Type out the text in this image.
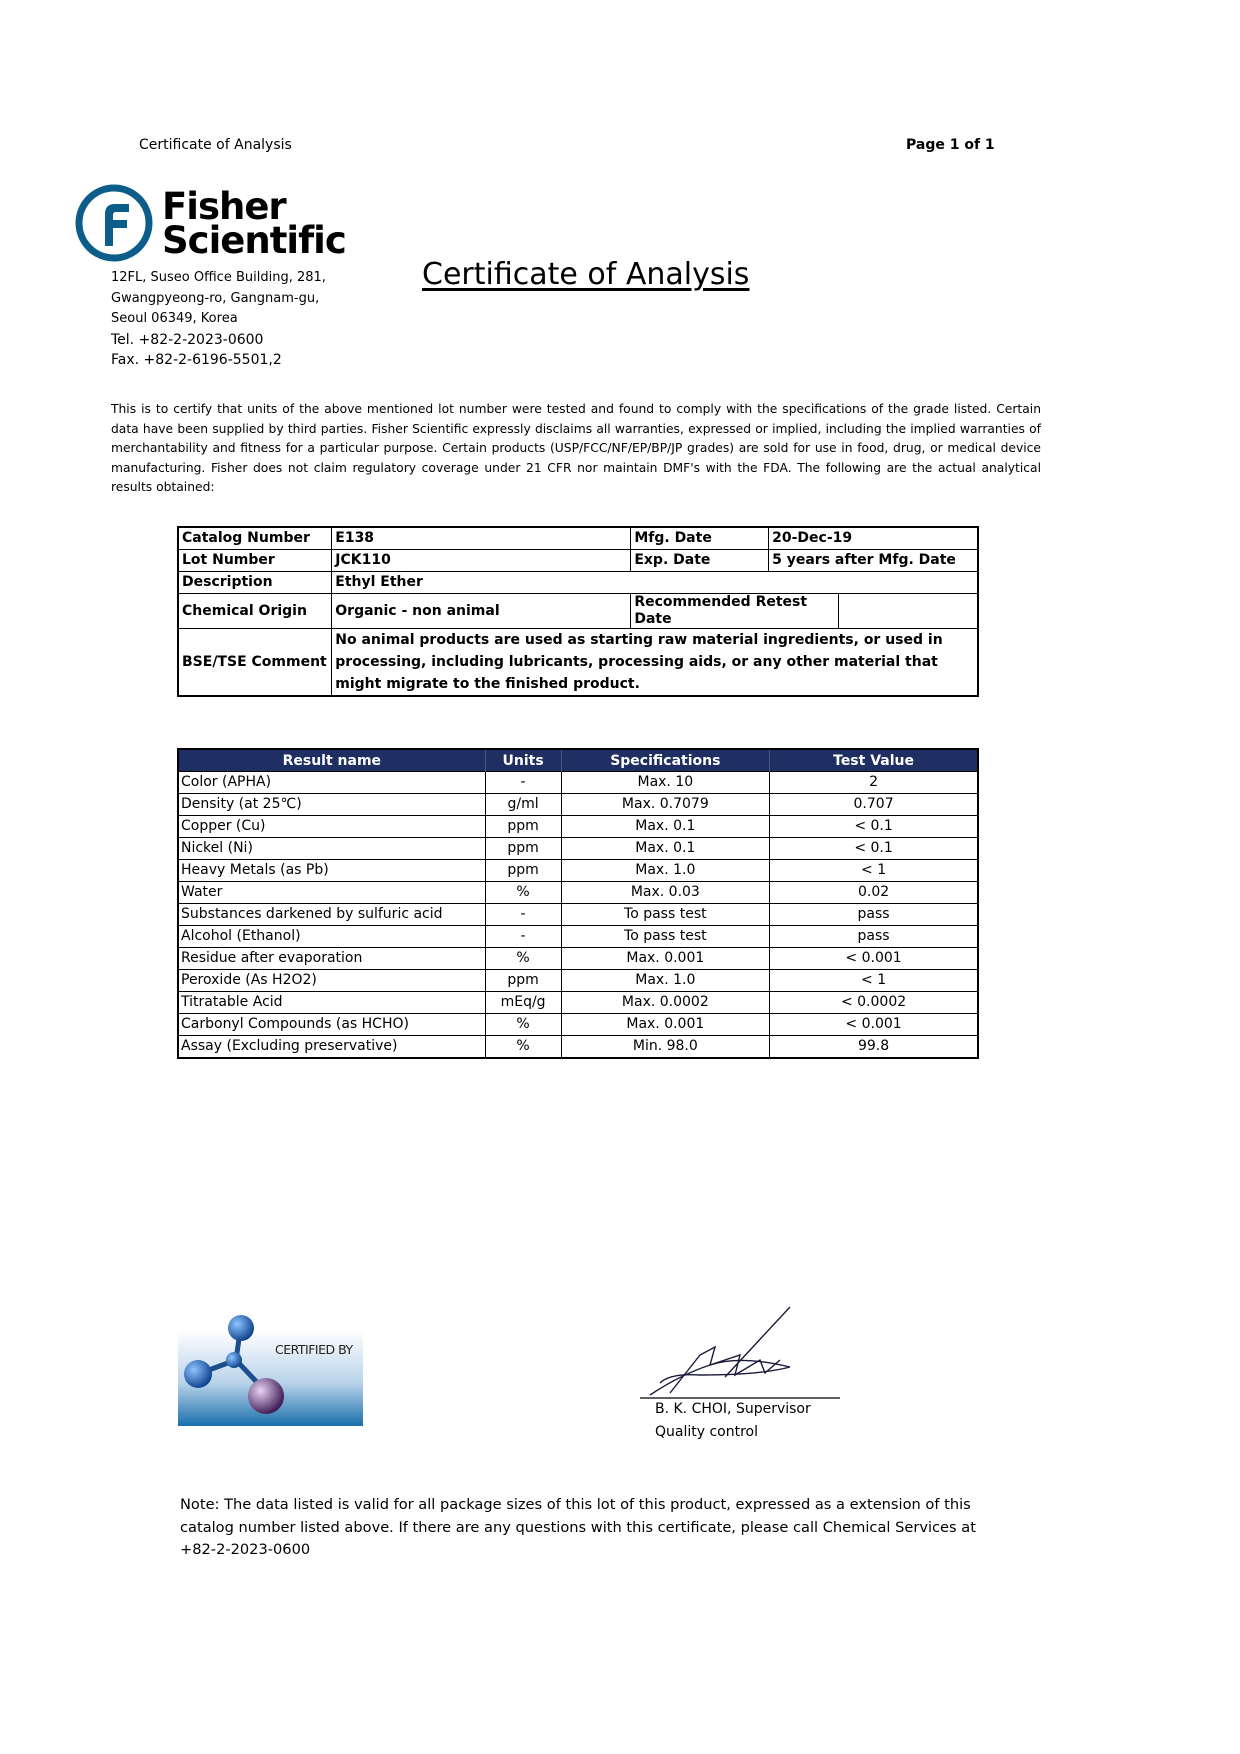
Certificate of Analysis	Page 1 of 1
Fisher
Scientific
12FL, Suseo Office Building, 281,
Gwangpyeong-ro, Gangnam-gu,
Seoul 06349, Korea
Tel. +82-2-2023-0600
Fax. +82-2-6196-5501,2
Certificate of Analysis
This is to certify that units of the above mentioned lot number were tested and found to comply with the specifications of the grade listed. Certain data have been supplied by third parties. Fisher Scientific expressly disclaims all warranties, expressed or implied, including the implied warranties of merchantability and fitness for a particular purpose. Certain products (USP/FCC/NF/EP/BP/JP grades) are sold for use in food, drug, or medical device manufacturing. Fisher does not claim regulatory coverage under 21 CFR nor maintain DMF's with the FDA. The following are the actual analytical results obtained:
Catalog Number	E138	Mfg. Date	20-Dec-19	
Lot Number	JCK110	Exp. Date	5 years after Mfg. Date	
Description	Ethyl Ether			
Chemical Origin	Organic - non animal	Recommended Retest Date		
BSE/TSE Comment	No animal products are used as starting raw material ingredients, or used in processing, including lubricants, processing aids, or any other material that might migrate to the finished product.			
Result name	Units	Specifications	Test Value
Color (APHA)	-	Max. 10	2
Density (at 25℃)	g/ml	Max. 0.7079	0.707
Copper (Cu)	ppm	Max. 0.1	< 0.1
Nickel (Ni)	ppm	Max. 0.1	< 0.1
Heavy Metals (as Pb)	ppm	Max. 1.0	< 1
Water	%	Max. 0.03	0.02
Substances darkened by sulfuric acid	-	To pass test	pass
Alcohol (Ethanol)	-	To pass test	pass
Residue after evaporation	%	Max. 0.001	< 0.001
Peroxide (As H2O2)	ppm	Max. 1.0	< 1
Titratable Acid	mEq/g	Max. 0.0002	< 0.0002
Carbonyl Compounds (as HCHO)	%	Max. 0.001	< 0.001
Assay (Excluding preservative)	%	Min. 98.0	99.8
CERTIFIED BY
B. K. CHOI, Supervisor
Quality control
Note: The data listed is valid for all package sizes of this lot of this product, expressed as a extension of this catalog number listed above. If there are any questions with this certificate, please call Chemical Services at +82-2-2023-0600
